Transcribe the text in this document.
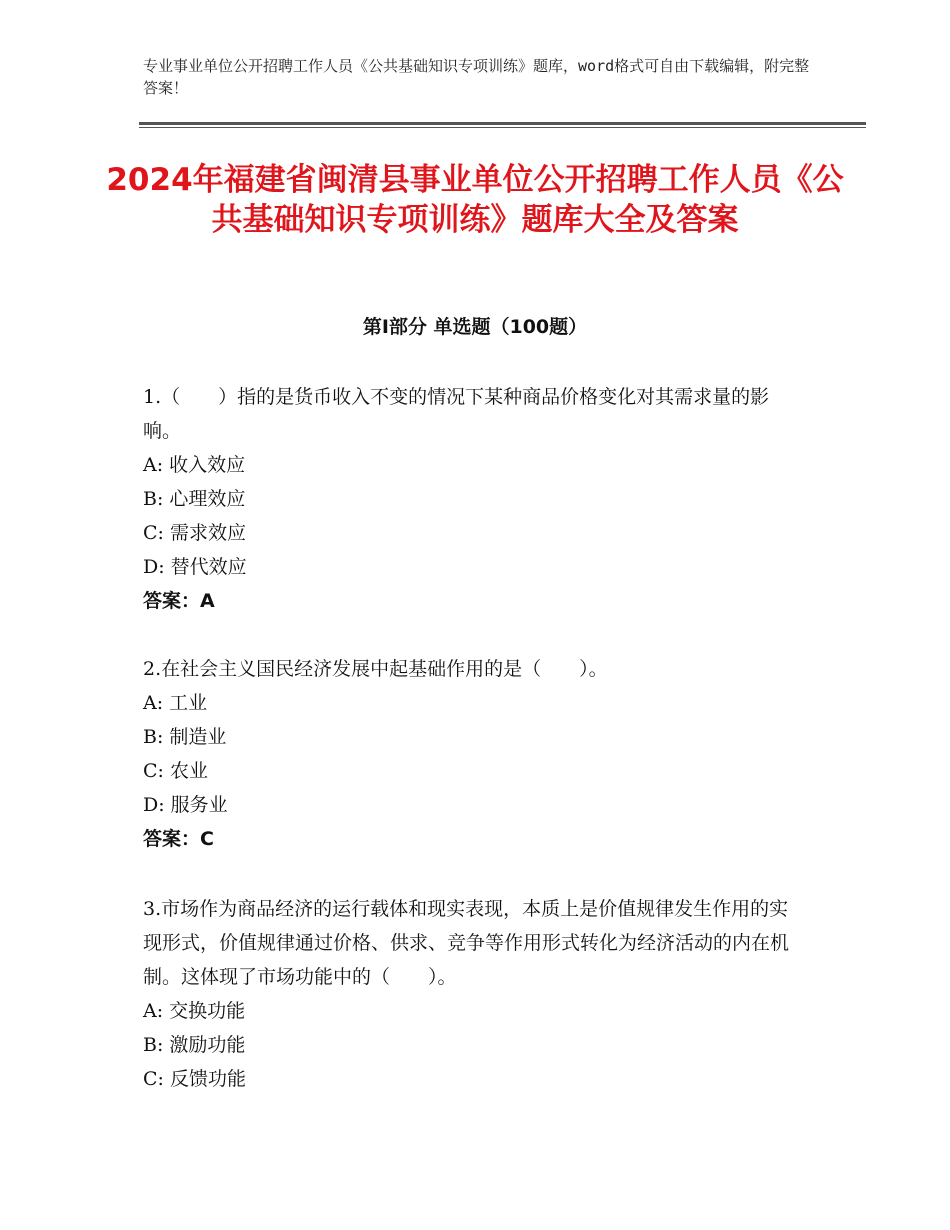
专业事业单位公开招聘工作人员《公共基础知识专项训练》题库，word格式可自由下载编辑，附完整答案！
2024年福建省闽清县事业单位公开招聘工作人员《公共基础知识专项训练》题库大全及答案
第Ⅰ部分 单选题（100题）
1.（　　）指的是货币收入不变的情况下某种商品价格变化对其需求量的影响。
A: 收入效应
B: 心理效应
C: 需求效应
D: 替代效应
答案：A
2.在社会主义国民经济发展中起基础作用的是（　　）。
A: 工业
B: 制造业
C: 农业
D: 服务业
答案：C
3.市场作为商品经济的运行载体和现实表现，本质上是价值规律发生作用的实现形式，价值规律通过价格、供求、竞争等作用形式转化为经济活动的内在机制。这体现了市场功能中的（　　）。
A: 交换功能
B: 激励功能
C: 反馈功能
